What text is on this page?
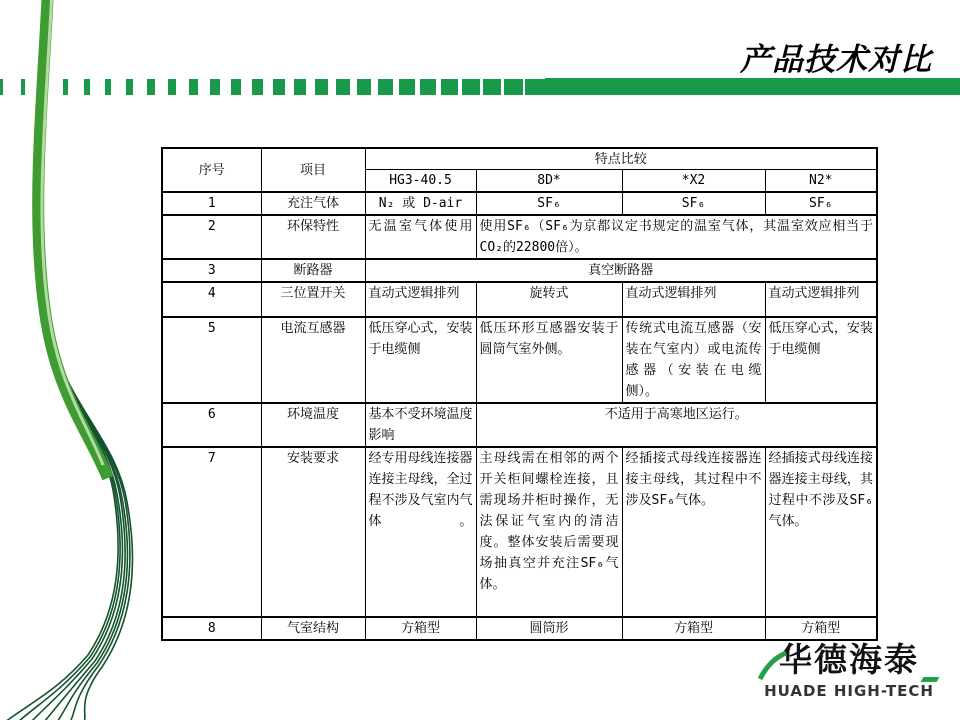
产品技术对比
序号	项目	特点比较			
		HG3-40.5	8D*	*X2	N2*
1	充注气体	N₂ 或 D-air	SF₆	SF₆	SF₆
2	环保特性	无温室气体使用	使用SF₆（SF₆为京都议定书规定的温室气体，其温室效应相当于CO₂的22800倍）。		
3	断路器	真空断路器			
4	三位置开关	直动式逻辑排列	旋转式	直动式逻辑排列	直动式逻辑排列
5	电流互感器	低压穿心式，安装于电缆侧	低压环形互感器安装于圆筒气室外侧。	传统式电流互感器（安装在气室内）或电流传感器（安装在电缆侧）。	低压穿心式，安装于电缆侧
6	环境温度	基本不受环境温度影响	不适用于高寒地区运行。		
7	安装要求	经专用母线连接器连接主母线，全过程不涉及气室内气体。	主母线需在相邻的两个开关柜间螺栓连接，且需现场并柜时操作，无法保证气室内的清洁度。整体安装后需要现场抽真空并充注SF₆气体。	经插接式母线连接器连接主母线，其过程中不涉及SF₆气体。	经插接式母线连接器连接主母线，其过程中不涉及SF₆气体。
8	气室结构	方箱型	圆筒形	方箱型	方箱型
华德海泰
HUADE HIGH-TECH
